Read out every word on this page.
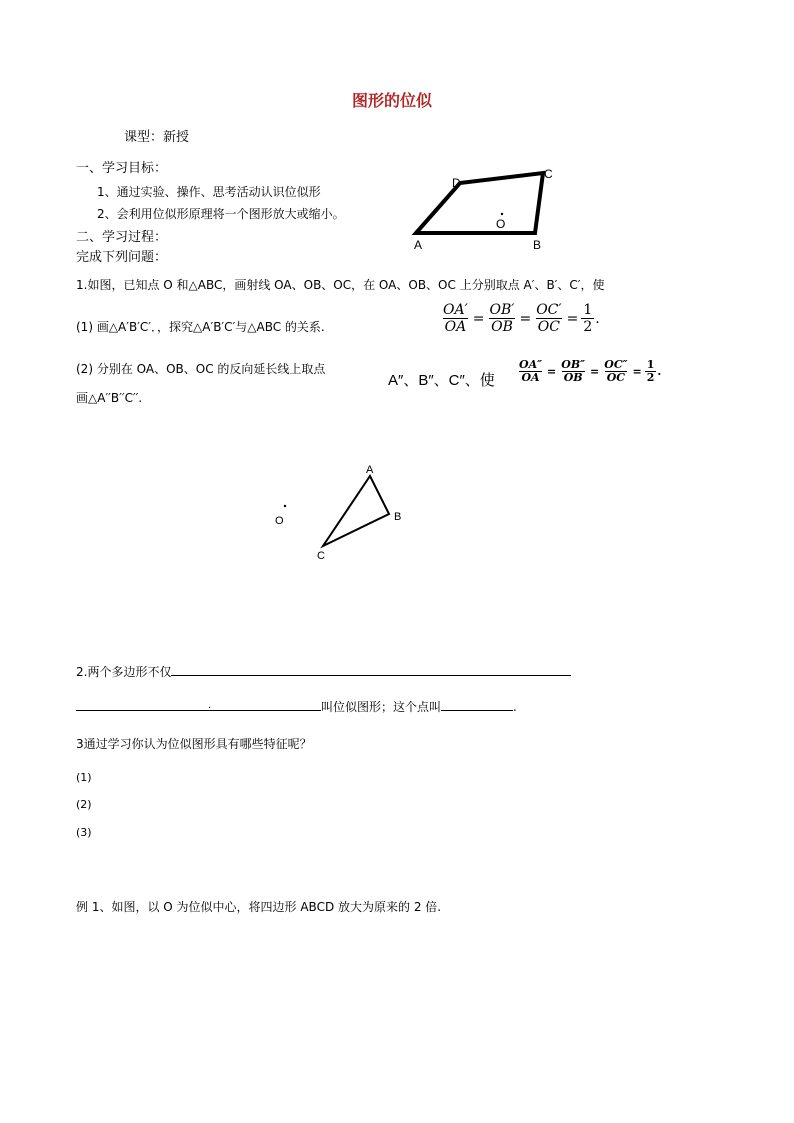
图形的位似
课型：新授
一、学习目标：
1、通过实验、操作、思考活动认识位似形
2、会利用位似形原理将一个图形放大或缩小。
二、学习过程：
完成下列问题：
A	B
C
D
O
1.如图，已知点 O 和△ABC，画射线 OA、OB、OC，在 OA、OB、OC 上分别取点 A′、B′、C′，使
(1) 画△A′B′C′．，探究△A′B′C′与△ABC 的关系.	$\frac{OA'}{OA} = \frac{OB'}{OB} = \frac{OC'}{OC} = \frac{1}{2}$ .
(2) 分别在 OA、OB、OC 的反向延长线上取点
A″、B″、C″、使 $\frac{OA''}{OA} = \frac{OB''}{OB} = \frac{OC''}{OC} = \frac{1}{2}$ .
画△A′′B′′C′′.
A
B
C
O
2.两个多边形不仅
.	叫位似图形；这个点叫	.
3通过学习你认为位似图形具有哪些特征呢？
(1)
(2)
(3)
例 1、如图，以 O 为位似中心，将四边形 ABCD 放大为原来的 2 倍.
